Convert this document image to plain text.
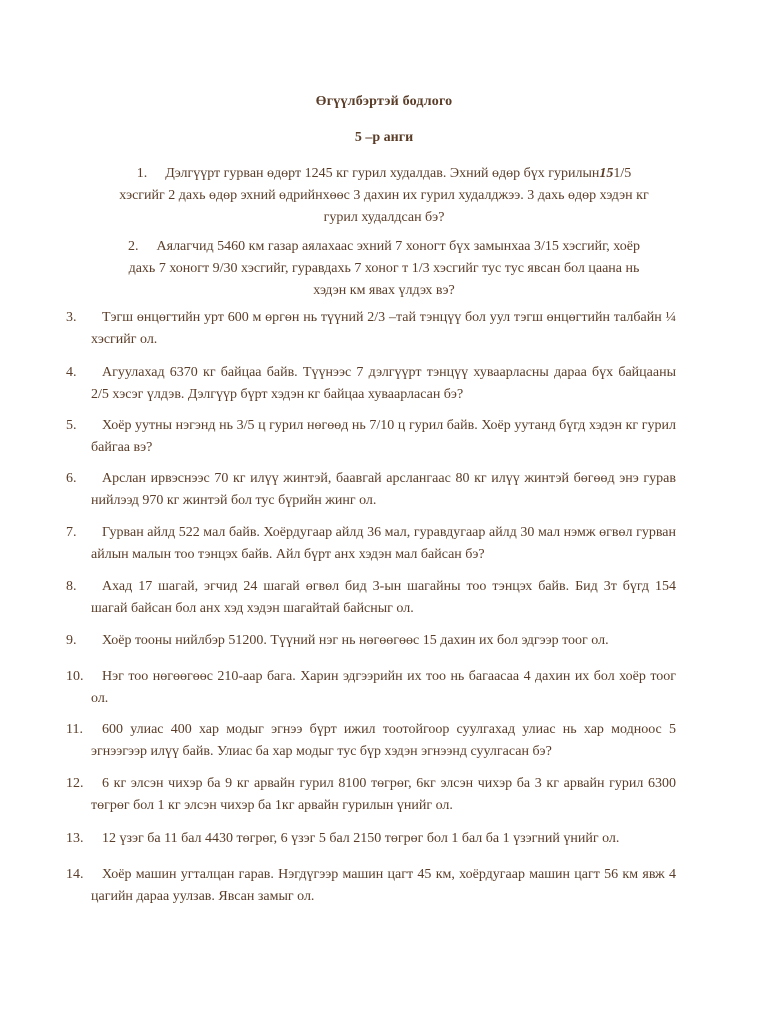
Өгүүлбэртэй бодлого
5 –р анги
1. Дэлгүүрт гурван өдөрт 1245 кг гурил худалдав. Эхний өдөр бүх гурилын151/5
хэсгийг 2 дахь өдөр эхний өдрийнхөөс 3 дахин их гурил худалджээ. 3 дахь өдөр хэдэн кг
гурил худалдсан бэ?
2. Аялагчид 5460 км газар аялахаас эхний 7 хоногт бүх замынхаа 3/15 хэсгийг, хоёр
дахь 7 хоногт 9/30 хэсгийг, гуравдахь 7 хоног т 1/3 хэсгийг тус тус явсан бол цаана нь
хэдэн км явах үлдэх вэ?
3.	Тэгш өнцөгтийн урт 600 м өргөн нь түүний 2/3 –тай тэнцүү бол уул тэгш өнцөгтийн талбайн ¼ хэсгийг ол.
4.	Агуулахад 6370 кг байцаа байв. Түүнээс 7 дэлгүүрт тэнцүү хуваарласны дараа бүх байцааны 2/5 хэсэг үлдэв. Дэлгүүр бүрт хэдэн кг байцаа хуваарласан бэ?
5.	Хоёр уутны нэгэнд нь 3/5 ц гурил нөгөөд нь 7/10 ц гурил байв. Хоёр уутанд бүгд хэдэн кг гурил байгаа вэ?
6.	Арслан ирвэснээс 70 кг илүү жинтэй, баавгай арслангаас 80 кг илүү жинтэй бөгөөд энэ гурав нийлээд 970 кг жинтэй бол тус бүрийн жинг ол.
7.	Гурван айлд 522 мал байв. Хоёрдугаар айлд 36 мал, гуравдугаар айлд 30 мал нэмж өгвөл гурван айлын малын тоо тэнцэх байв. Айл бүрт анх хэдэн мал байсан бэ?
8.	Ахад 17 шагай, эгчид 24 шагай өгвөл бид 3-ын шагайны тоо тэнцэх байв. Бид 3т бүгд 154 шагай байсан бол анх хэд хэдэн шагайтай байсныг ол.
9.	Хоёр тооны нийлбэр 51200. Түүний нэг нь нөгөөгөөс 15 дахин их бол эдгээр тоог ол.
10.	Нэг тоо нөгөөгөөс 210-аар бага. Харин эдгээрийн их тоо нь багаасаа 4 дахин их бол хоёр тоог ол.
11.	600 улиас 400 хар модыг эгнээ бүрт ижил тоотойгоор суулгахад улиас нь хар модноос 5 эгнээгээр илүү байв. Улиас ба хар модыг тус бүр хэдэн эгнээнд суулгасан бэ?
12.	6 кг элсэн чихэр ба 9 кг арвайн гурил 8100 төгрөг, 6кг элсэн чихэр ба 3 кг арвайн гурил 6300 төгрөг бол 1 кг элсэн чихэр ба 1кг арвайн гурилын үнийг ол.
13.	12 үзэг ба 11 бал 4430 төгрөг, 6 үзэг 5 бал 2150 төгрөг бол 1 бал ба 1 үзэгний үнийг ол.
14.	Хоёр машин угталцан гарав. Нэгдүгээр машин цагт 45 км, хоёрдугаар машин цагт 56 км явж 4 цагийн дараа уулзав. Явсан замыг ол.
